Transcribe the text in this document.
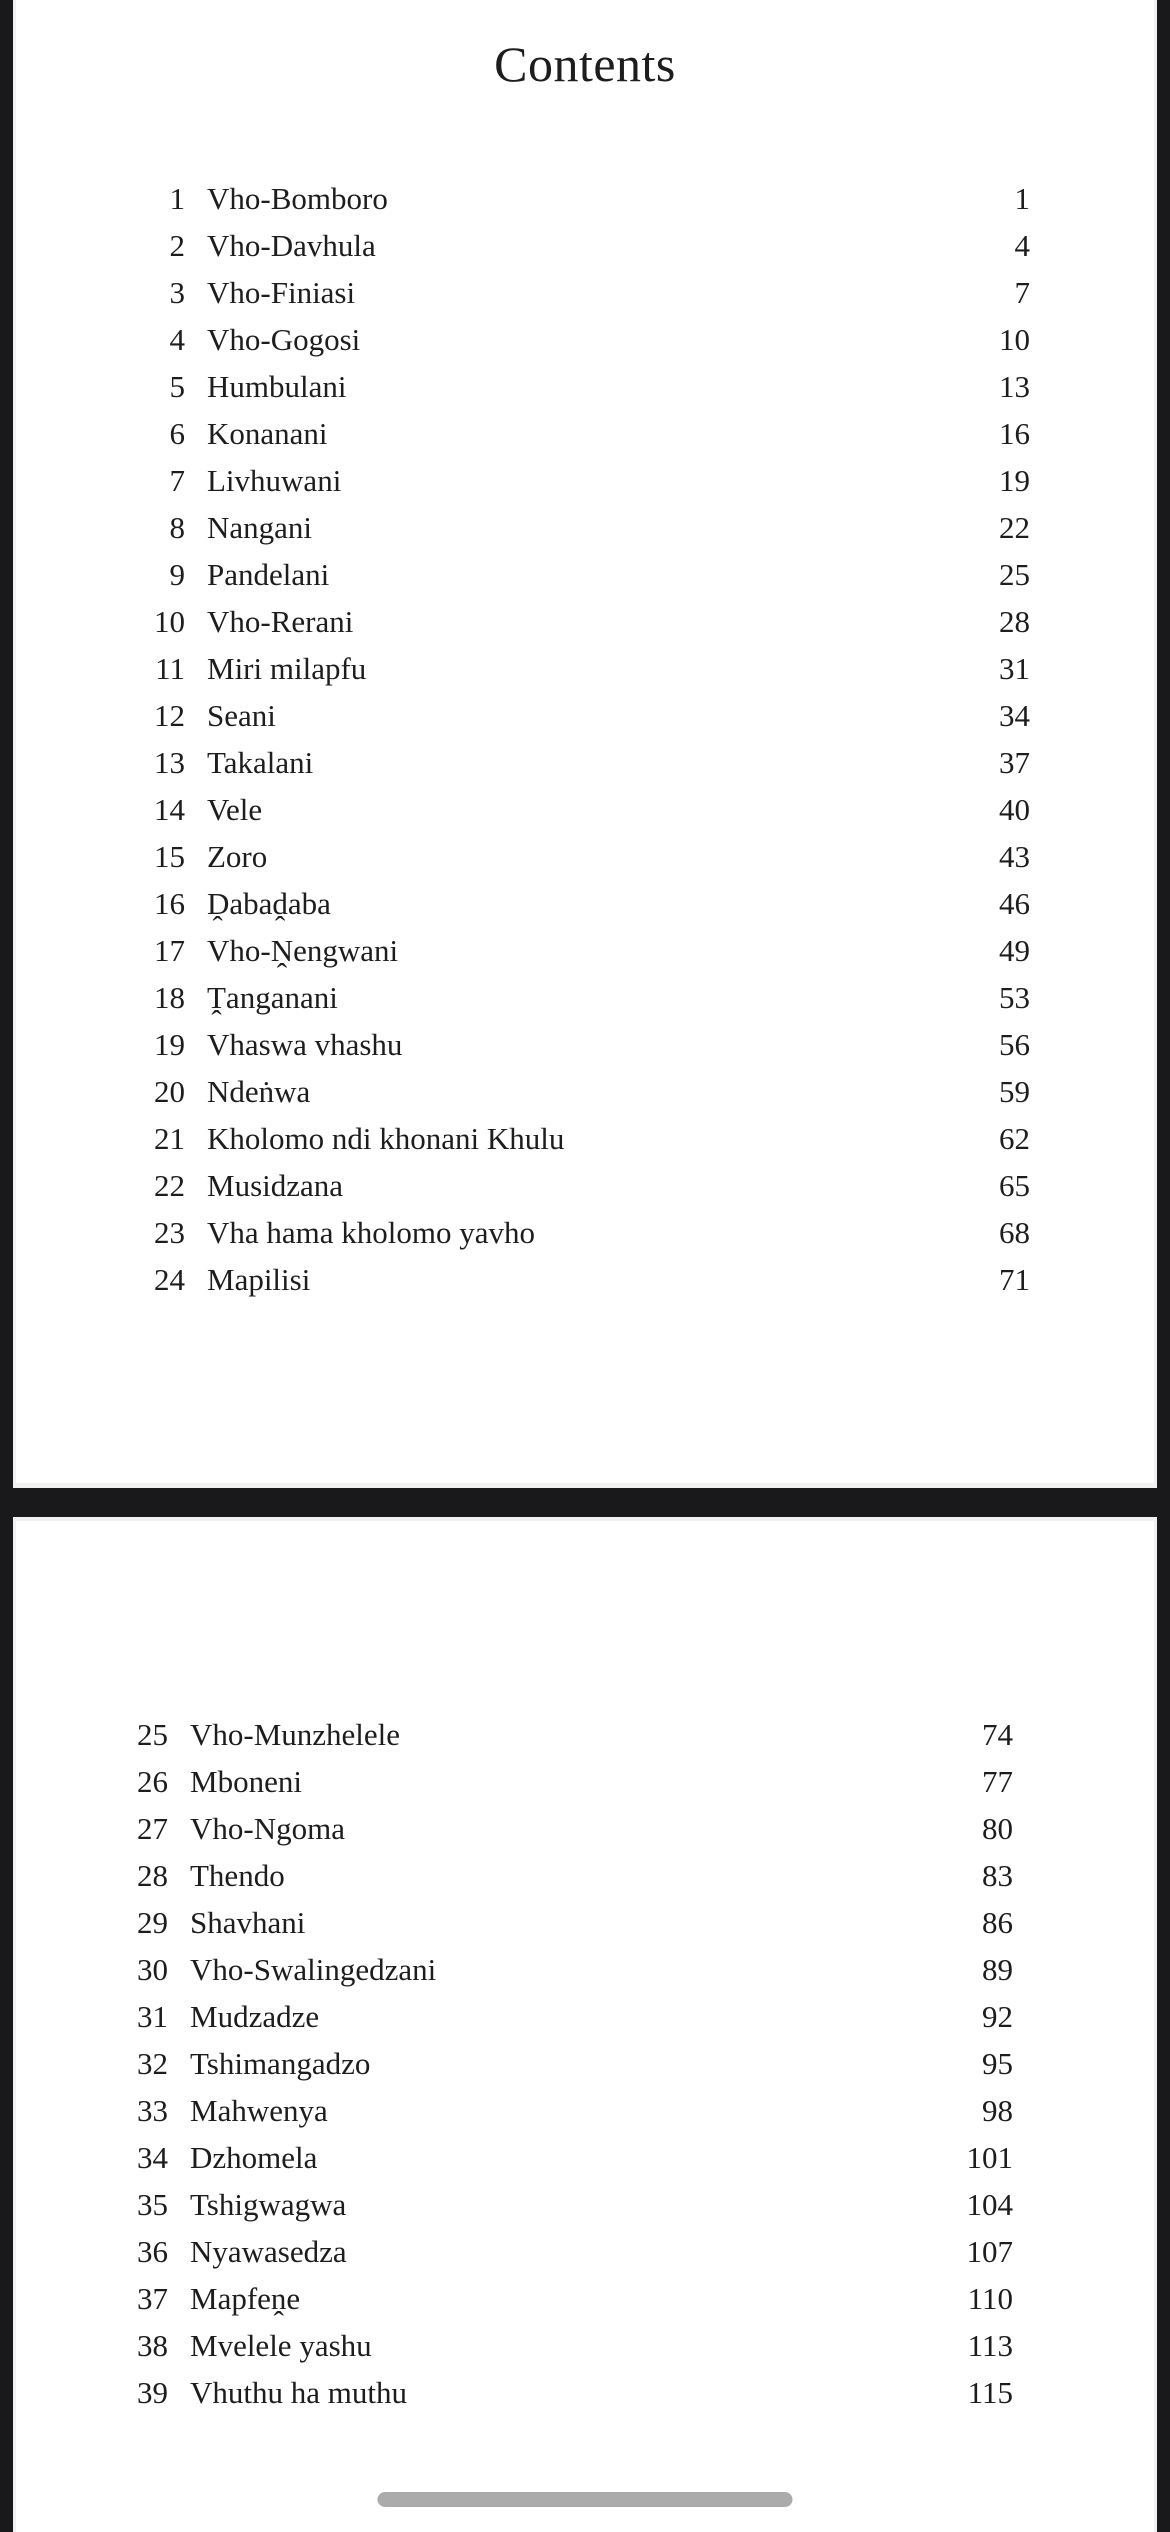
Contents
1 Vho-Bomboro	1
2 Vho-Davhula	4
3 Vho-Finiasi	7
4 Vho-Gogosi	10
5 Humbulani	13
6 Konanani	16
7 Livhuwani	19
8 Nangani	22
9 Pandelani	25
10 Vho-Rerani	28
11 Miri milapfu	31
12 Seani	34
13 Takalani	37
14 Vele	40
15 Zoro	43
16 Ḓabaḓaba	46
17 Vho-Ṋengwani	49
18 Ṱanganani	53
19 Vhaswa vhashu	56
20 Ndeṅwa	59
21 Kholomo ndi khonani Khulu	62
22 Musidzana	65
23 Vha hama kholomo yavho	68
24 Mapilisi	71
25 Vho-Munzhelele	74
26 Mboneni	77
27 Vho-Ngoma	80
28 Thendo	83
29 Shavhani	86
30 Vho-Swalingedzani	89
31 Mudzadze	92
32 Tshimangadzo	95
33 Mahwenya	98
34 Dzhomela	101
35 Tshigwagwa	104
36 Nyawasedza	107
37 Mapfeṋe	110
38 Mvelele yashu	113
39 Vhuthu ha muthu	115
